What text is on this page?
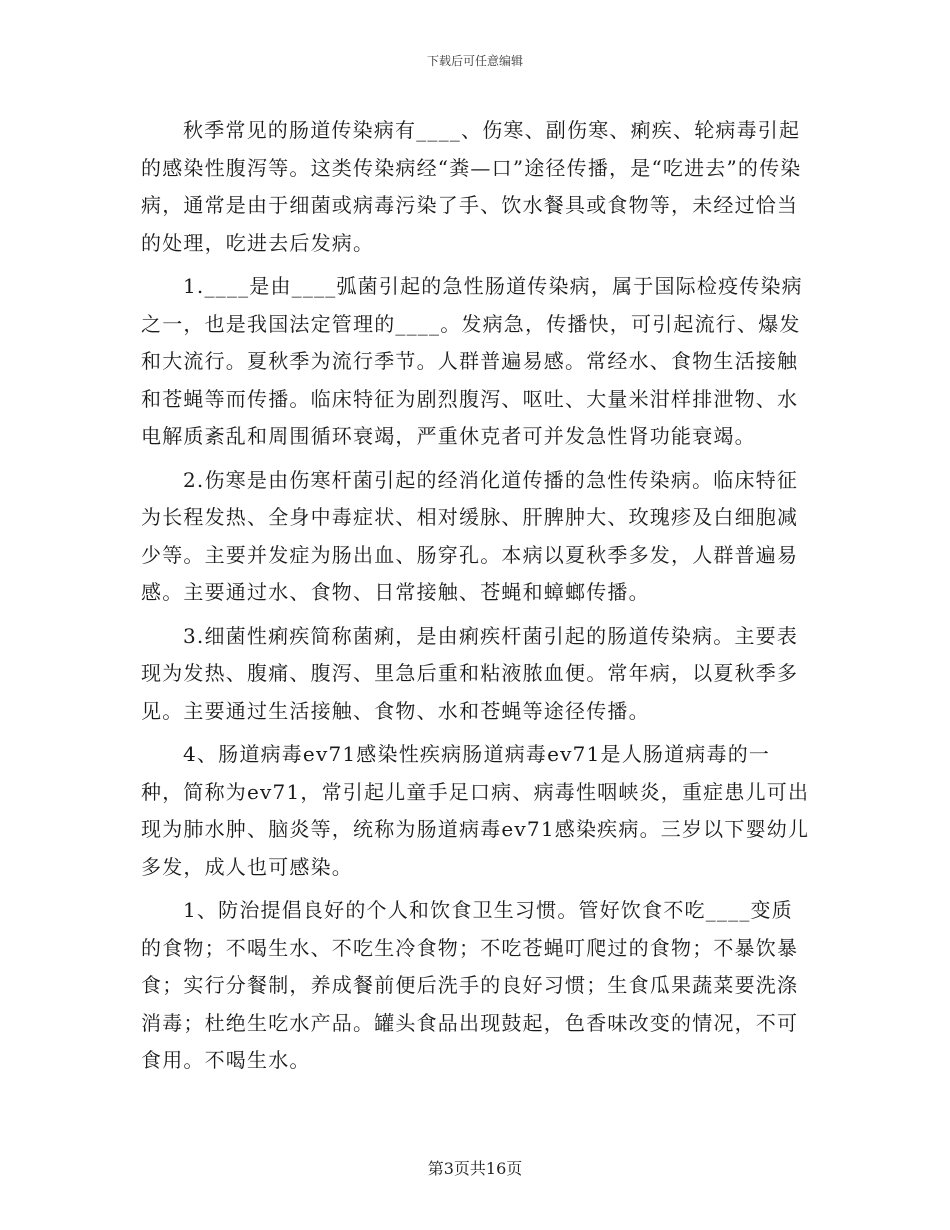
下载后可任意编辑

秋季常见的肠道传染病有____、伤寒、副伤寒、痢疾、轮病毒引起的感染性腹泻等。这类传染病经“粪—口”途径传播，是“吃进去”的传染病，通常是由于细菌或病毒污染了手、饮水餐具或食物等，未经过恰当的处理，吃进去后发病。

1.____是由____弧菌引起的急性肠道传染病，属于国际检疫传染病之一，也是我国法定管理的____。发病急，传播快，可引起流行、爆发和大流行。夏秋季为流行季节。人群普遍易感。常经水、食物生活接触和苍蝇等而传播。临床特征为剧烈腹泻、呕吐、大量米泔样排泄物、水电解质紊乱和周围循环衰竭，严重休克者可并发急性肾功能衰竭。

2.伤寒是由伤寒杆菌引起的经消化道传播的急性传染病。临床特征为长程发热、全身中毒症状、相对缓脉、肝脾肿大、玫瑰疹及白细胞减少等。主要并发症为肠出血、肠穿孔。本病以夏秋季多发，人群普遍易感。主要通过水、食物、日常接触、苍蝇和蟑螂传播。

3.细菌性痢疾简称菌痢，是由痢疾杆菌引起的肠道传染病。主要表现为发热、腹痛、腹泻、里急后重和粘液脓血便。常年病，以夏秋季多见。主要通过生活接触、食物、水和苍蝇等途径传播。

4、肠道病毒ev71感染性疾病肠道病毒ev71是人肠道病毒的一种，简称为ev71，常引起儿童手足口病、病毒性咽峡炎，重症患儿可出现为肺水肿、脑炎等，统称为肠道病毒ev71感染疾病。三岁以下婴幼儿多发，成人也可感染。

1、防治提倡良好的个人和饮食卫生习惯。管好饮食不吃____变质的食物；不喝生水、不吃生冷食物；不吃苍蝇叮爬过的食物；不暴饮暴食；实行分餐制，养成餐前便后洗手的良好习惯；生食瓜果蔬菜要洗涤消毒；杜绝生吃水产品。罐头食品出现鼓起，色香味改变的情况，不可食用。不喝生水。

第3页共16页
